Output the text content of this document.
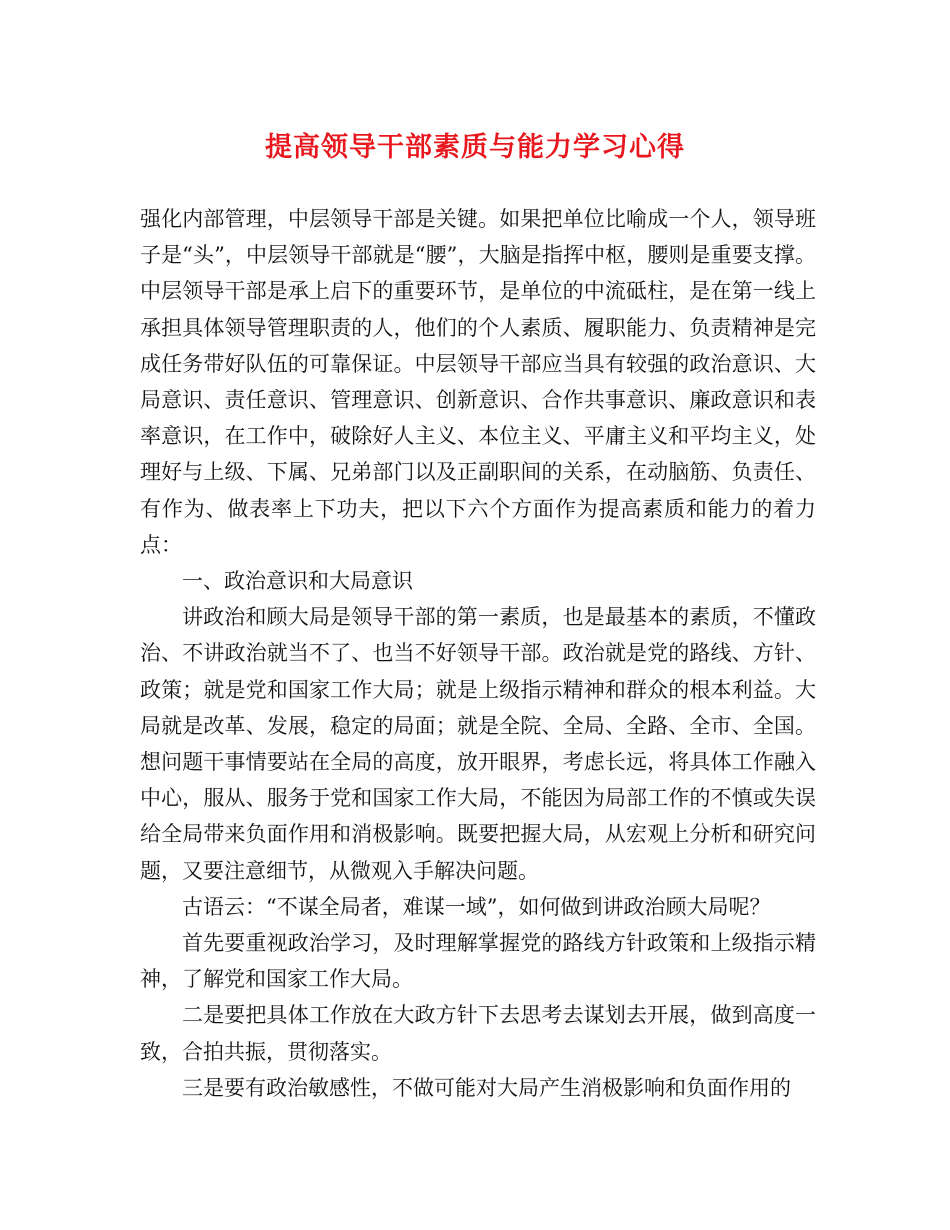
提高领导干部素质与能力学习心得

强化内部管理，中层领导干部是关键。如果把单位比喻成一个人，领导班子是“头”，中层领导干部就是“腰”，大脑是指挥中枢，腰则是重要支撑。中层领导干部是承上启下的重要环节，是单位的中流砥柱，是在第一线上承担具体领导管理职责的人，他们的个人素质、履职能力、负责精神是完成任务带好队伍的可靠保证。中层领导干部应当具有较强的政治意识、大局意识、责任意识、管理意识、创新意识、合作共事意识、廉政意识和表率意识，在工作中，破除好人主义、本位主义、平庸主义和平均主义，处理好与上级、下属、兄弟部门以及正副职间的关系，在动脑筋、负责任、有作为、做表率上下功夫，把以下六个方面作为提高素质和能力的着力点：

一、政治意识和大局意识

讲政治和顾大局是领导干部的第一素质，也是最基本的素质，不懂政治、不讲政治就当不了、也当不好领导干部。政治就是党的路线、方针、政策；就是党和国家工作大局；就是上级指示精神和群众的根本利益。大局就是改革、发展，稳定的局面；就是全院、全局、全路、全市、全国。想问题干事情要站在全局的高度，放开眼界，考虑长远，将具体工作融入中心，服从、服务于党和国家工作大局，不能因为局部工作的不慎或失误给全局带来负面作用和消极影响。既要把握大局，从宏观上分析和研究问题，又要注意细节，从微观入手解决问题。

古语云：“不谋全局者，难谋一域”，如何做到讲政治顾大局呢？

首先要重视政治学习，及时理解掌握党的路线方针政策和上级指示精神，了解党和国家工作大局。

二是要把具体工作放在大政方针下去思考去谋划去开展，做到高度一致，合拍共振，贯彻落实。

三是要有政治敏感性，不做可能对大局产生消极影响和负面作用的
